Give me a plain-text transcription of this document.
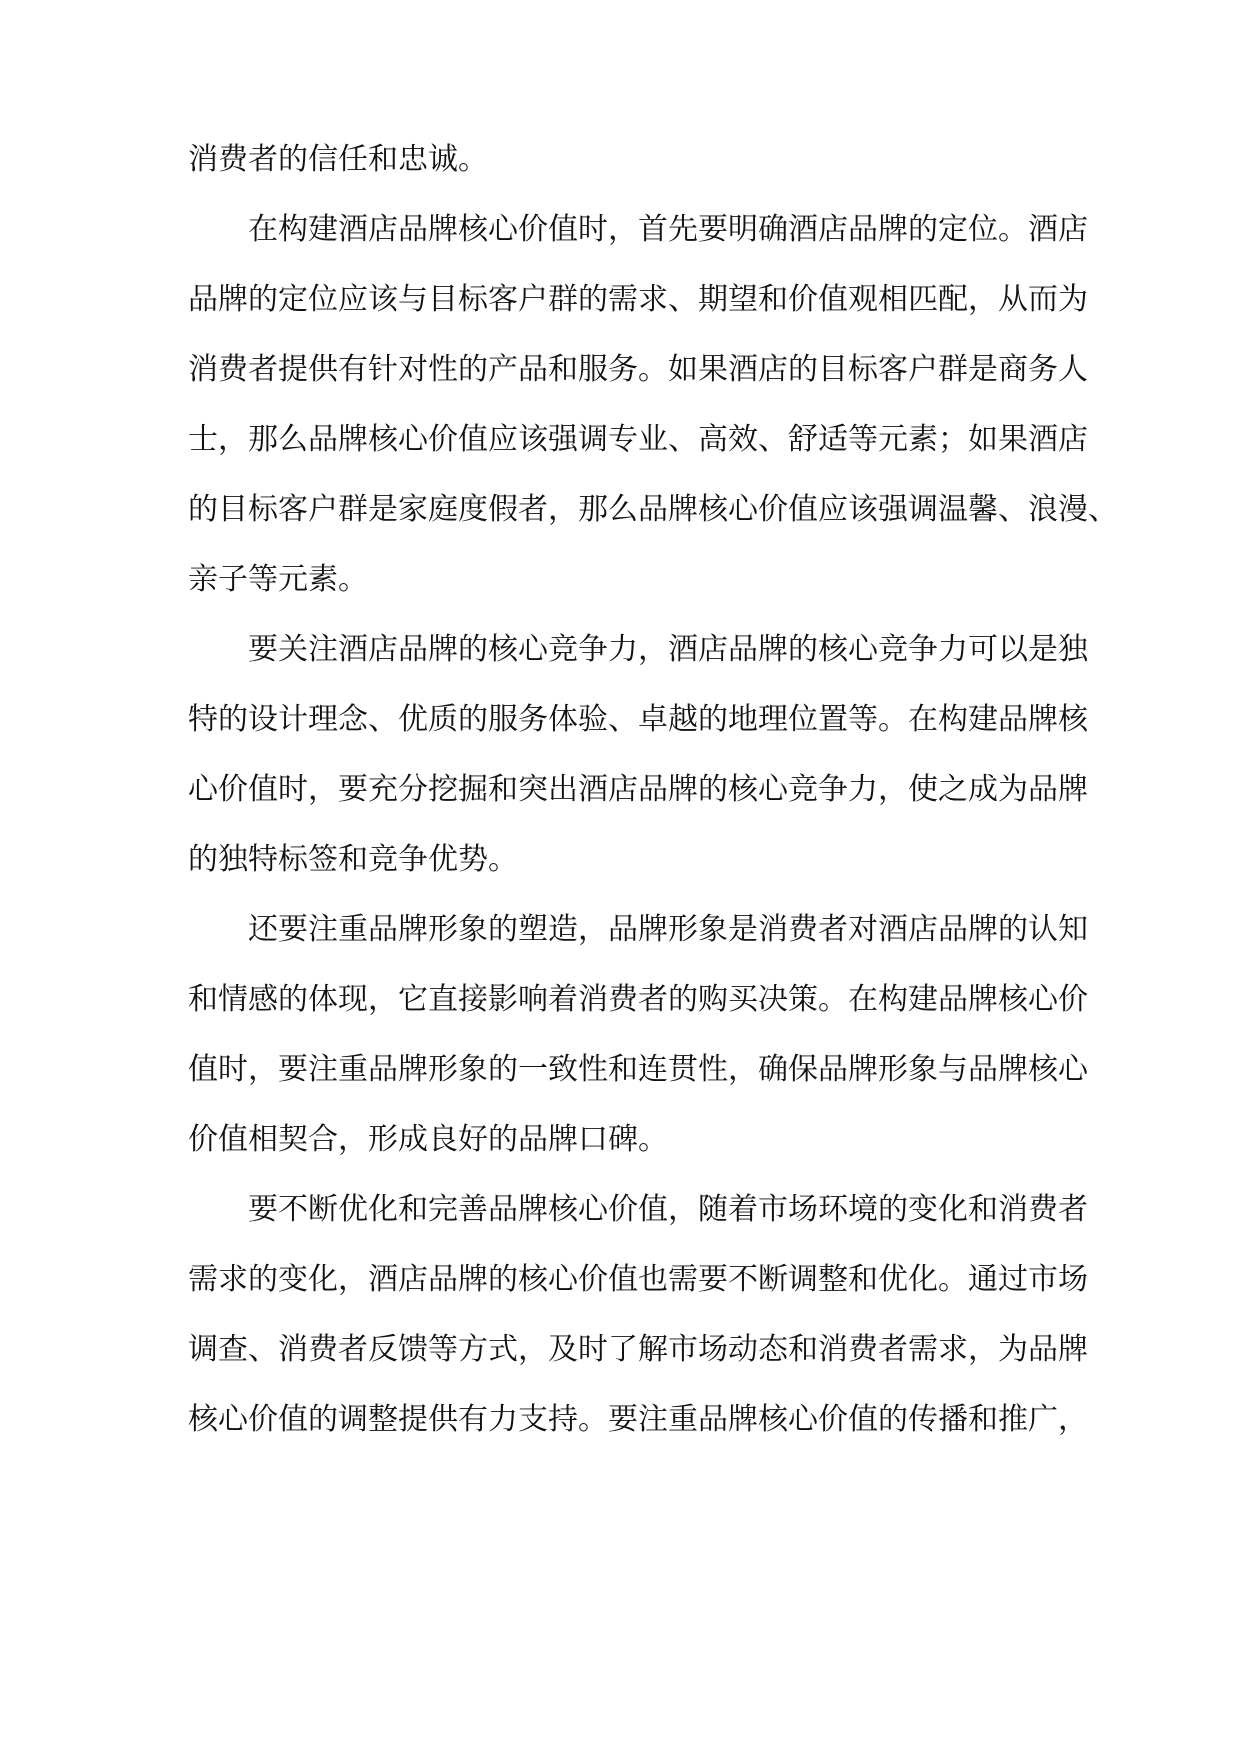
消费者的信任和忠诚。
在构建酒店品牌核心价值时，首先要明确酒店品牌的定位。酒店
品牌的定位应该与目标客户群的需求、期望和价值观相匹配，从而为
消费者提供有针对性的产品和服务。如果酒店的目标客户群是商务人
士，那么品牌核心价值应该强调专业、高效、舒适等元素；如果酒店
的目标客户群是家庭度假者，那么品牌核心价值应该强调温馨、浪漫、
亲子等元素。
要关注酒店品牌的核心竞争力，酒店品牌的核心竞争力可以是独
特的设计理念、优质的服务体验、卓越的地理位置等。在构建品牌核
心价值时，要充分挖掘和突出酒店品牌的核心竞争力，使之成为品牌
的独特标签和竞争优势。
还要注重品牌形象的塑造，品牌形象是消费者对酒店品牌的认知
和情感的体现，它直接影响着消费者的购买决策。在构建品牌核心价
值时，要注重品牌形象的一致性和连贯性，确保品牌形象与品牌核心
价值相契合，形成良好的品牌口碑。
要不断优化和完善品牌核心价值，随着市场环境的变化和消费者
需求的变化，酒店品牌的核心价值也需要不断调整和优化。通过市场
调查、消费者反馈等方式，及时了解市场动态和消费者需求，为品牌
核心价值的调整提供有力支持。要注重品牌核心价值的传播和推广，
